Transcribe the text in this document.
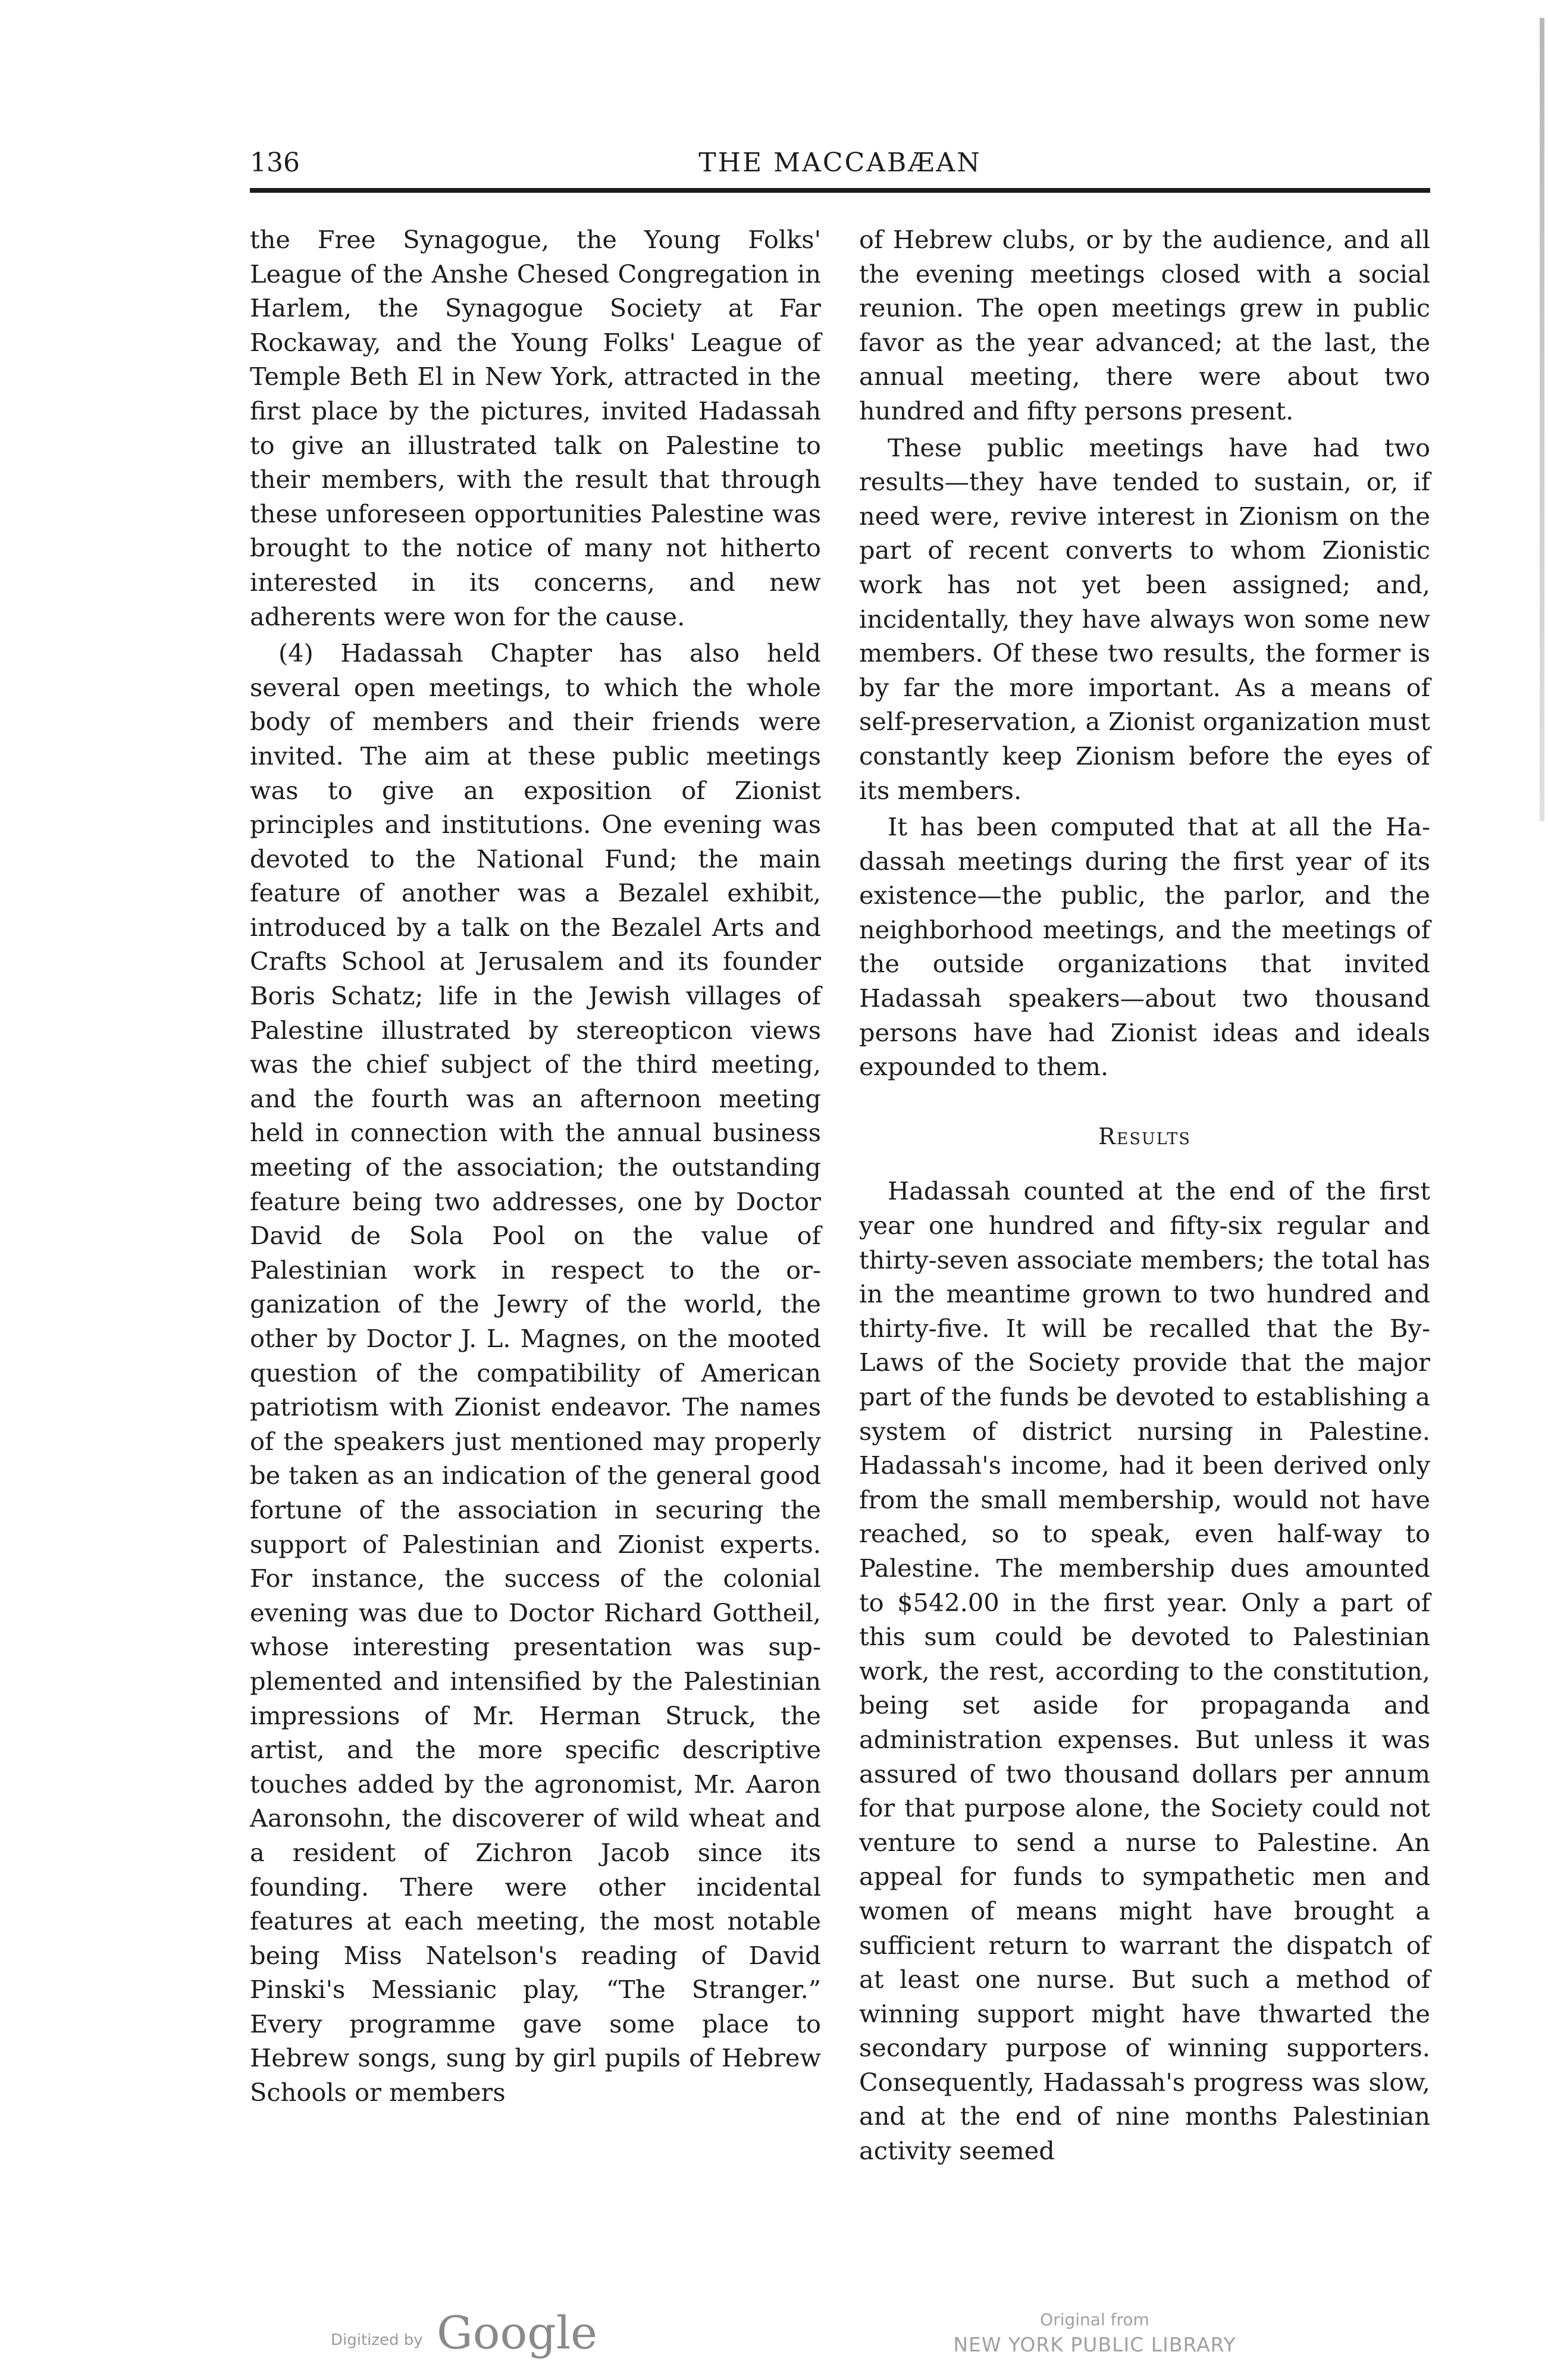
136	THE MACCABÆAN

the Free Synagogue, the Young Folks' League of the Anshe Chesed Congregation in Harlem, the Synagogue Society at Far Rockaway, and the Young Folks' League of Temple Beth El in New York, attracted in the first place by the pictures, invited Hadassah to give an illustrated talk on Palestine to their members, with the result that through these unforeseen opportunities Palestine was brought to the notice of many not hitherto interested in its concerns, and new adherents were won for the cause.

(4) Hadassah Chapter has also held several open meetings, to which the whole body of members and their friends were invited. The aim at these public meetings was to give an exposition of Zionist principles and institutions. One evening was devoted to the National Fund; the main feature of another was a Bezalel exhibit, introduced by a talk on the Bezalel Arts and Crafts School at Jerusalem and its founder Boris Schatz; life in the Jewish villages of Palestine illustrated by stereopticon views was the chief subject of the third meeting, and the fourth was an afternoon meeting held in connection with the annual business meeting of the association; the outstanding feature being two addresses, one by Doctor David de Sola Pool on the value of Palestinian work in respect to the organization of the Jewry of the world, the other by Doctor J. L. Magnes, on the mooted question of the compatibility of American patriotism with Zionist endeavor. The names of the speakers just mentioned may properly be taken as an indication of the general good fortune of the association in securing the support of Palestinian and Zionist experts. For instance, the success of the colonial evening was due to Doctor Richard Gottheil, whose interesting presentation was supplemented and intensified by the Palestinian impressions of Mr. Herman Struck, the artist, and the more specific descriptive touches added by the agronomist, Mr. Aaron Aaronsohn, the discoverer of wild wheat and a resident of Zichron Jacob since its founding. There were other incidental features at each meeting, the most notable being Miss Natelson's reading of David Pinski's Messianic play, “The Stranger.” Every programme gave some place to Hebrew songs, sung by girl pupils of Hebrew Schools or members

of Hebrew clubs, or by the audience, and all the evening meetings closed with a social reunion. The open meetings grew in public favor as the year advanced; at the last, the annual meeting, there were about two hundred and fifty persons present.

These public meetings have had two results—they have tended to sustain, or, if need were, revive interest in Zionism on the part of recent converts to whom Zionistic work has not yet been assigned; and, incidentally, they have always won some new members. Of these two results, the former is by far the more important. As a means of self-preservation, a Zionist organization must constantly keep Zionism before the eyes of its members.

It has been computed that at all the Hadassah meetings during the first year of its existence—the public, the parlor, and the neighborhood meetings, and the meetings of the outside organizations that invited Hadassah speakers—about two thousand persons have had Zionist ideas and ideals expounded to them.

Results

Hadassah counted at the end of the first year one hundred and fifty-six regular and thirty-seven associate members; the total has in the meantime grown to two hundred and thirty-five. It will be recalled that the By-Laws of the Society provide that the major part of the funds be devoted to establishing a system of district nursing in Palestine. Hadassah's income, had it been derived only from the small membership, would not have reached, so to speak, even half-way to Palestine. The membership dues amounted to $542.00 in the first year. Only a part of this sum could be devoted to Palestinian work, the rest, according to the constitution, being set aside for propaganda and administration expenses. But unless it was assured of two thousand dollars per annum for that purpose alone, the Society could not venture to send a nurse to Palestine. An appeal for funds to sympathetic men and women of means might have brought a sufficient return to warrant the dispatch of at least one nurse. But such a method of winning support might have thwarted the secondary purpose of winning supporters. Consequently, Hadassah's progress was slow, and at the end of nine months Palestinian activity seemed

Digitized by Google	Original from
NEW YORK PUBLIC LIBRARY
